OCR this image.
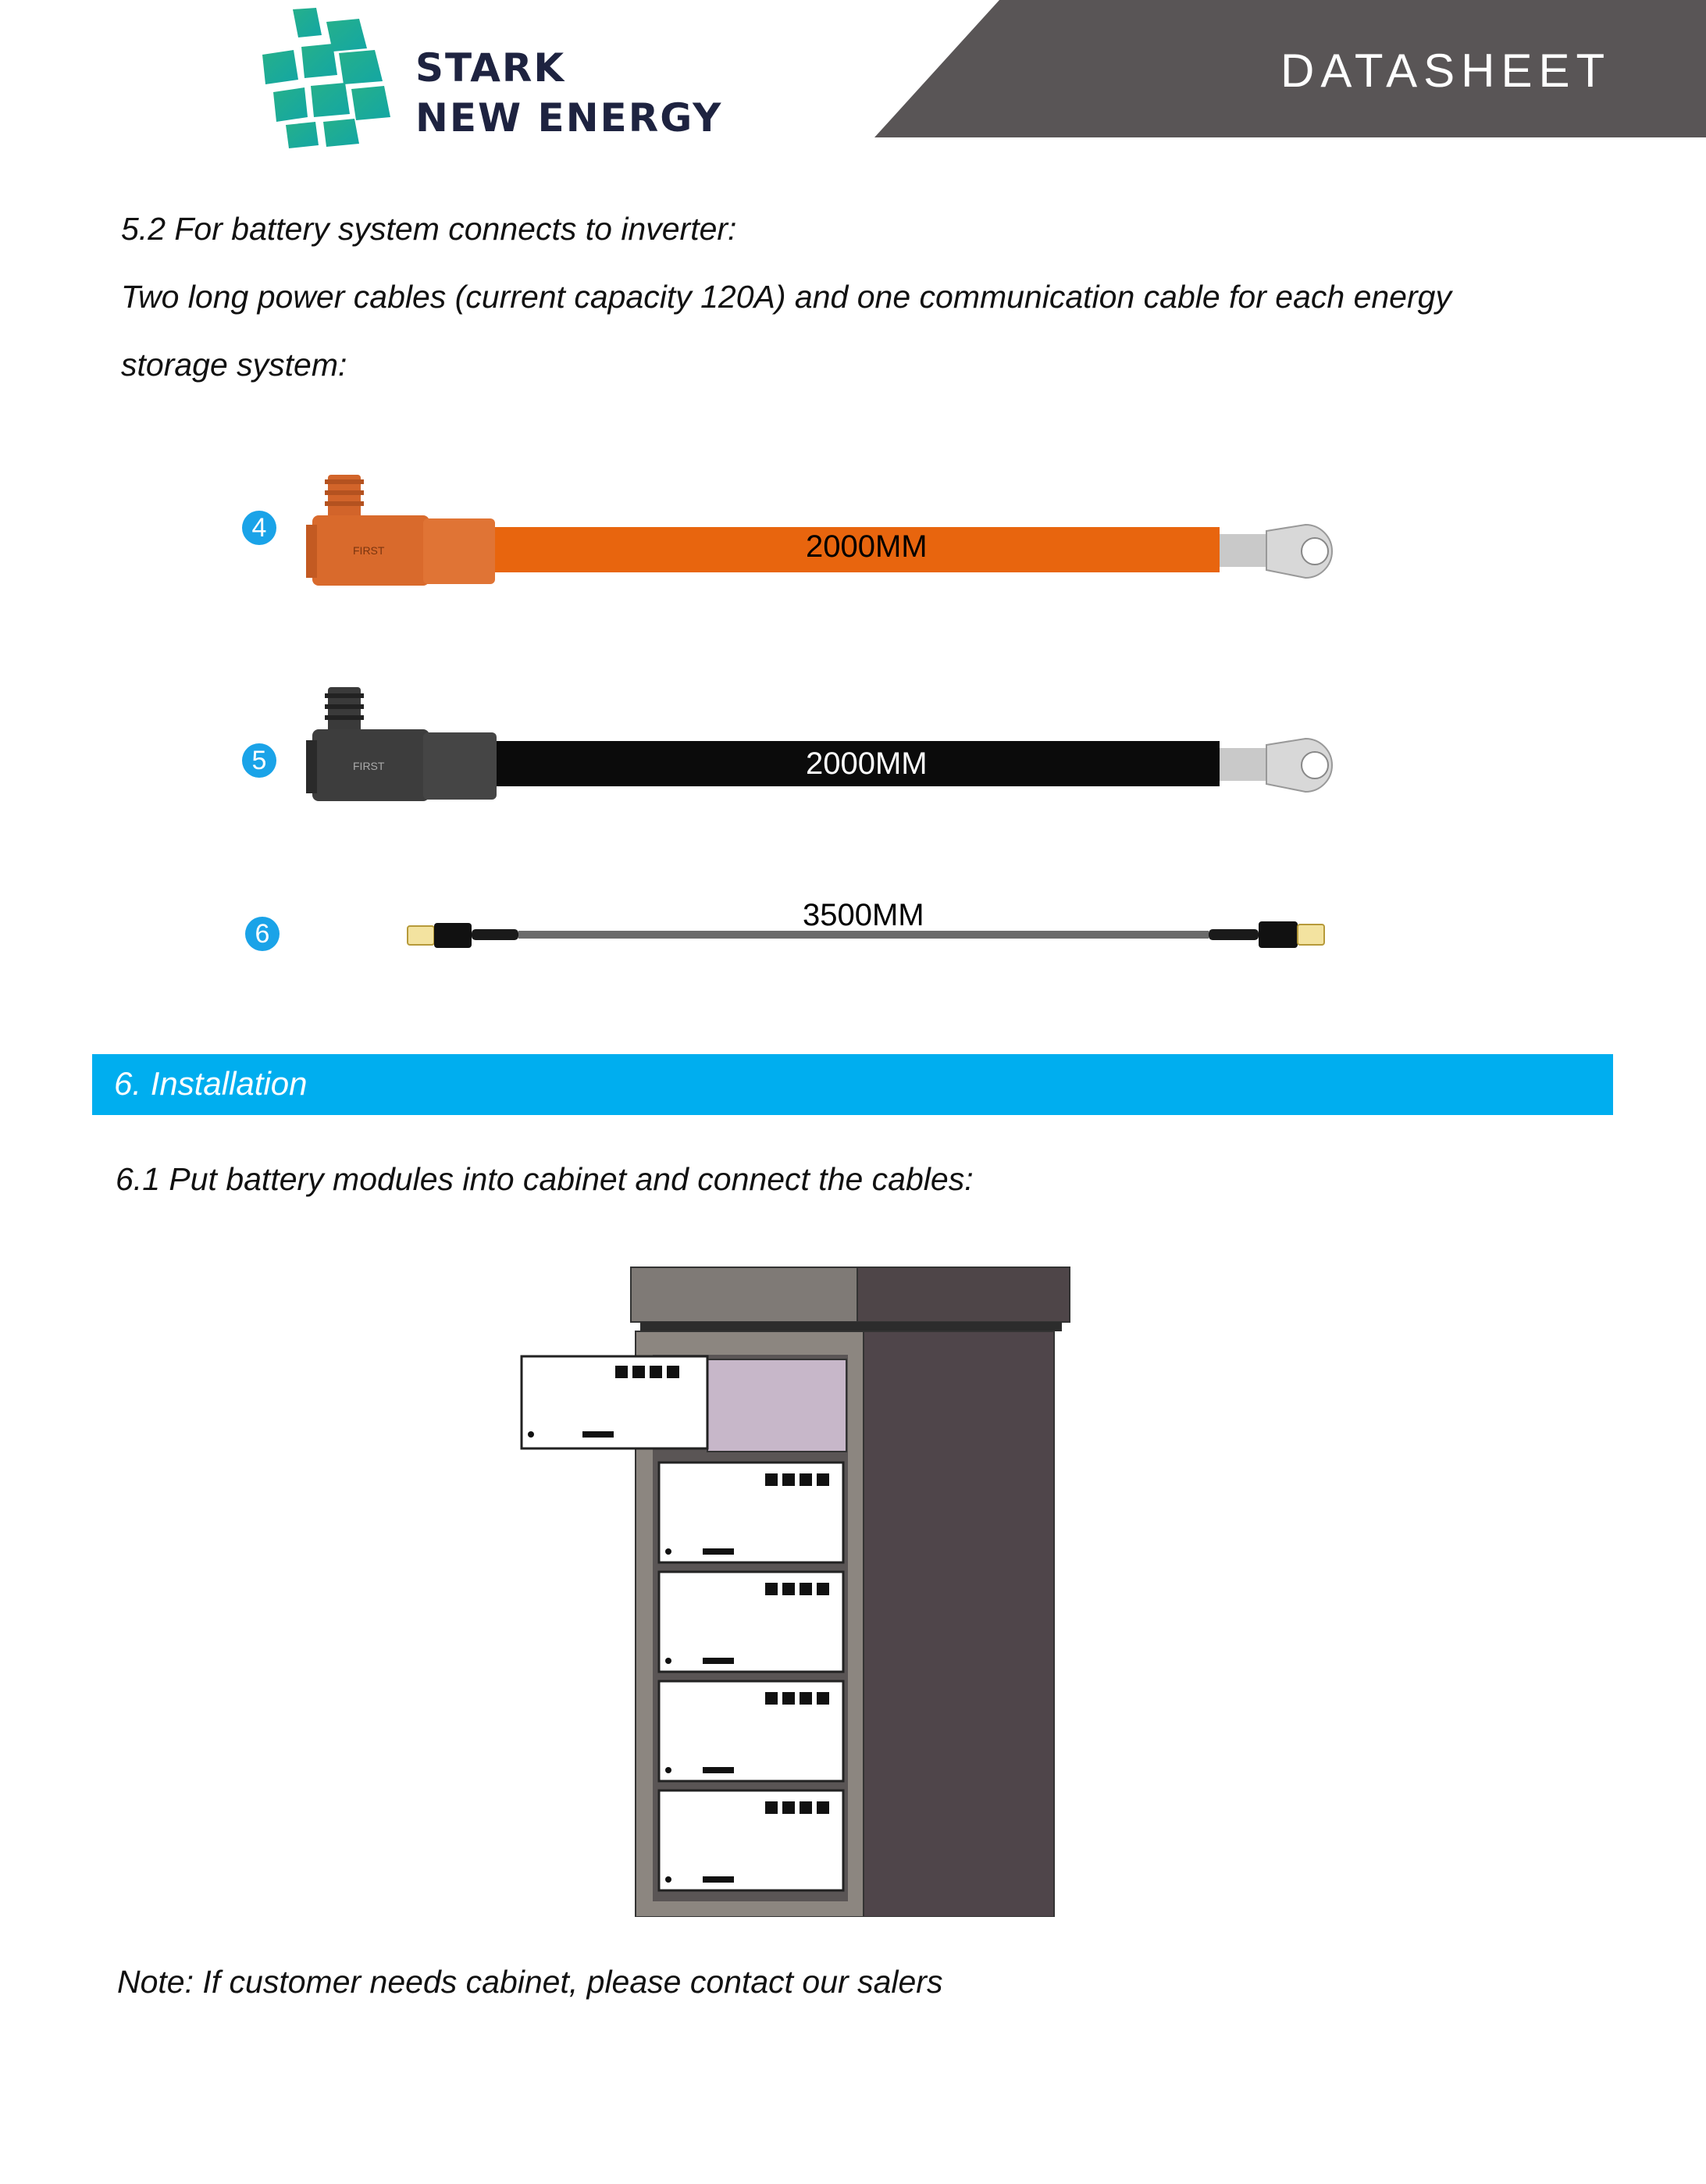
STARK
NEW ENERGY
DATASHEET
5.2 For battery system connects to inverter:
Two long power cables (current capacity 120A) and one communication cable for each energy
storage system:
4
FIRST	2000MM
5	FIRST	2000MM
6
3500MM
6. Installation
6.1 Put battery modules into cabinet and connect the cables:
Note: If customer needs cabinet, please contact our salers
